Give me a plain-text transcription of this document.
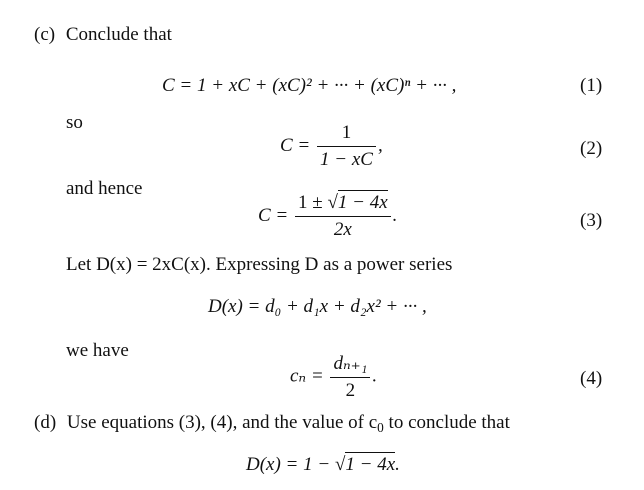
(c) Conclude that
C = 1 + xC + (xC)² + ··· + (xC)ⁿ + ··· ,	(1)
so
$C = \frac{1}{1 - xC}$ ,	(2)
and hence
$C = \frac{1 \pm √1 - 4x}{2x}$ .	(3)
Let D(x) = 2xC(x). Expressing D as a power series
D(x) = d₀ + d₁x + d₂x² + ··· ,
we have
$c_n = \frac{\text{dₙ₊₁}}{2}$ .	(4)
(d) Use equations (3), (4), and the value of $c_0$ to conclude that
D(x) = 1 − √1 − 4x.
